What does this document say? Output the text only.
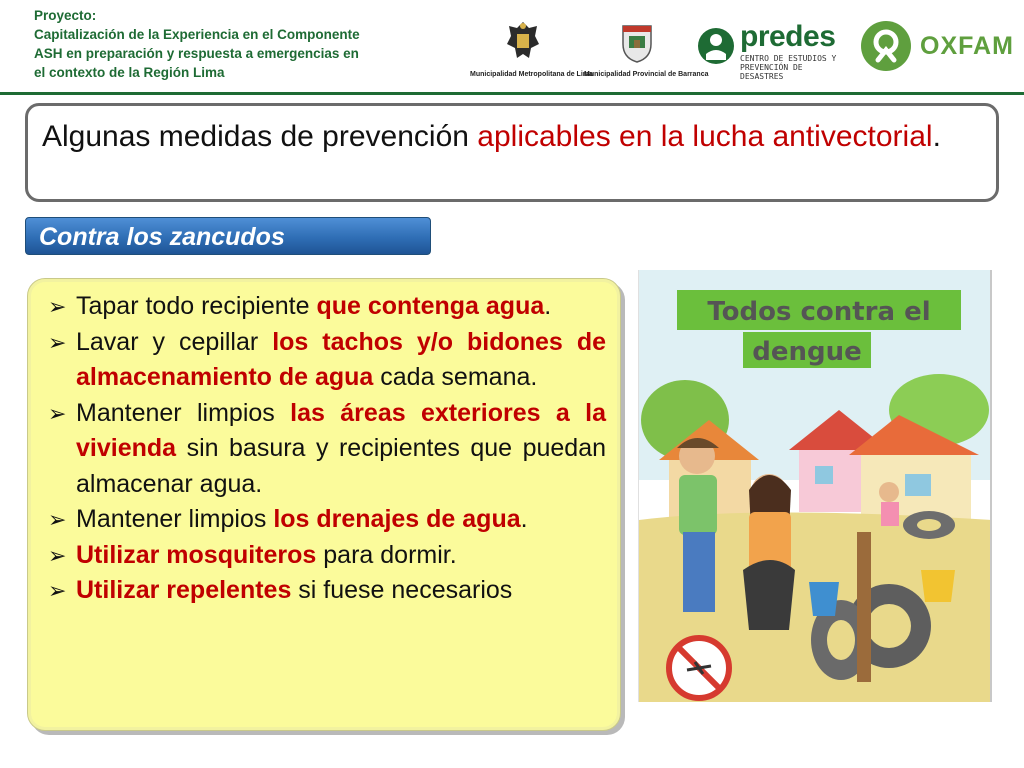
Proyecto:
Capitalización de la Experiencia en el Componente
ASH en preparación y respuesta a emergencias en
el contexto de la Región Lima	Municipalidad Metropolitana de Lima
Municipalidad Provincial de Barranca
predes
CENTRO DE ESTUDIOS Y
PREVENCIÓN DE DESASTRES
OXFAM
Algunas medidas de prevención aplicables en la lucha antivectorial.
Contra los zancudos
➢ Tapar todo recipiente que contenga agua.
➢ Lavar y cepillar los tachos y/o bidones de almacenamiento de agua cada semana.
➢ Mantener limpios las áreas exteriores a la vivienda sin basura y recipientes que puedan almacenar agua.
➢ Mantener limpios los drenajes de agua.
➢ Utilizar mosquiteros para dormir.
➢ Utilizar repelentes si fuese necesarios
Todos contra el
dengue
